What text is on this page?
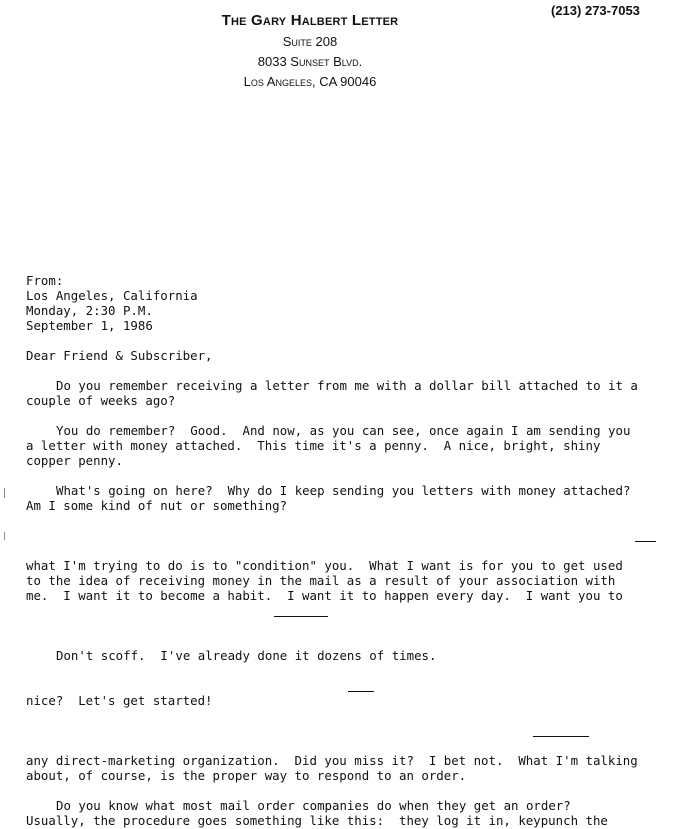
(213) 273-7053
The Gary Halbert Letter
Suite 208
8033 Sunset Blvd.
Los Angeles, CA 90046
From:
Los Angeles, California
Monday, 2:30 P.M.
September 1, 1986
Dear Friend & Subscriber,
Do you remember receiving a letter from me with a dollar bill attached to it a
couple of weeks ago?
You do remember?  Good.  And now, as you can see, once again I am sending you
a letter with money attached.  This time it's a penny.  A nice, bright, shiny
copper penny.
What's going on here?  Why do I keep sending you letters with money attached?
Am I some kind of nut or something?

what I'm trying to do is to "condition" you.  What I want is for you to get used
to the idea of receiving money in the mail as a result of your association with
me.  I want it to become a habit.  I want it to happen every day.  I want you to

Don't scoff.  I've already done it dozens of times.

nice?  Let's get started!

any direct-marketing organization.  Did you miss it?  I bet not.  What I'm talking
about, of course, is the proper way to respond to an order.
Do you know what most mail order companies do when they get an order?
Usually, the procedure goes something like this:  they log it in, keypunch the
